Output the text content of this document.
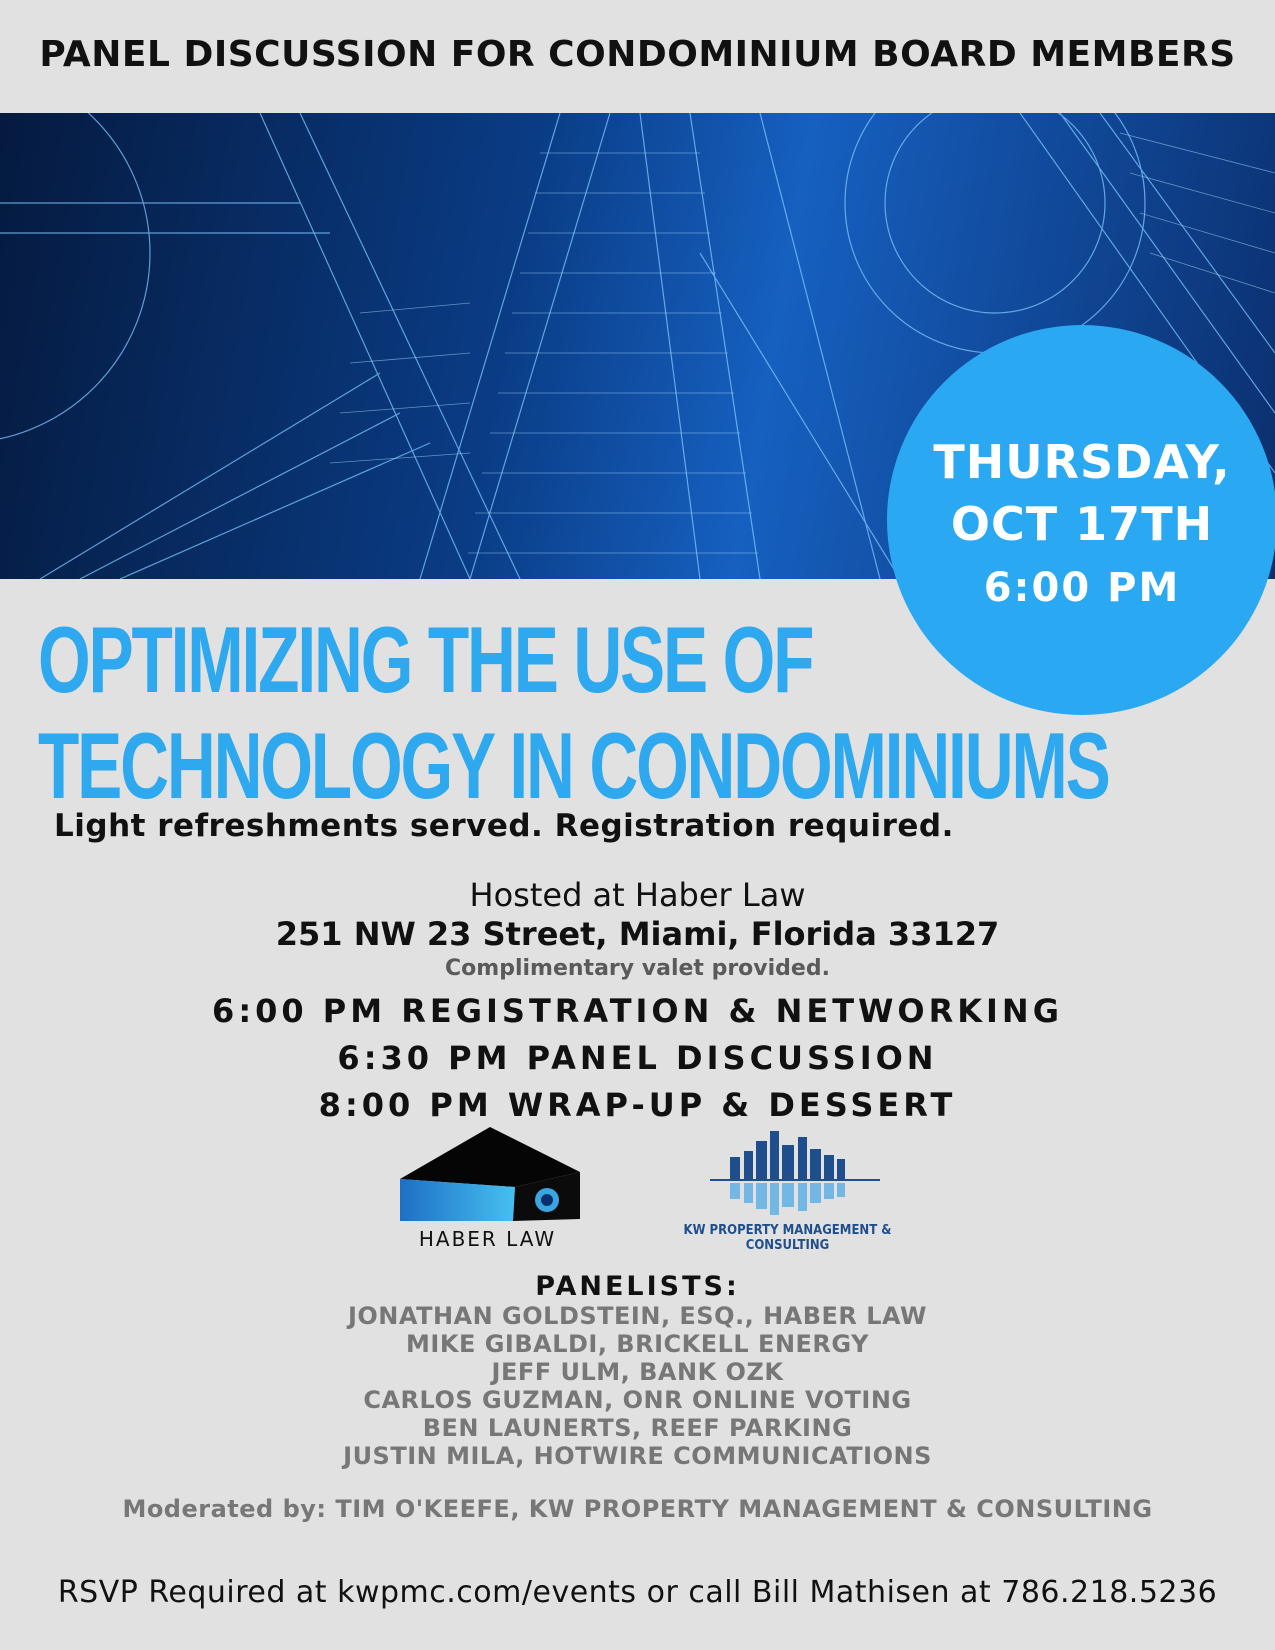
PANEL DISCUSSION FOR CONDOMINIUM BOARD MEMBERS
THURSDAY,
OCT 17TH
6:00 PM
OPTIMIZING THE USE OF
TECHNOLOGY IN CONDOMINIUMS
Light refreshments served. Registration required.
Hosted at Haber Law
251 NW 23 Street, Miami, Florida 33127
Complimentary valet provided.
6:00 PM REGISTRATION & NETWORKING
6:30 PM PANEL DISCUSSION
8:00 PM WRAP-UP & DESSERT
HABER LAW	KW PROPERTY MANAGEMENT & CONSULTING
PANELISTS:
JONATHAN GOLDSTEIN, ESQ., HABER LAW
MIKE GIBALDI, BRICKELL ENERGY
JEFF ULM, BANK OZK
CARLOS GUZMAN, ONR ONLINE VOTING
BEN LAUNERTS, REEF PARKING
JUSTIN MILA, HOTWIRE COMMUNICATIONS
Moderated by: TIM O'KEEFE, KW PROPERTY MANAGEMENT & CONSULTING
RSVP Required at kwpmc.com/events or call Bill Mathisen at 786.218.5236
